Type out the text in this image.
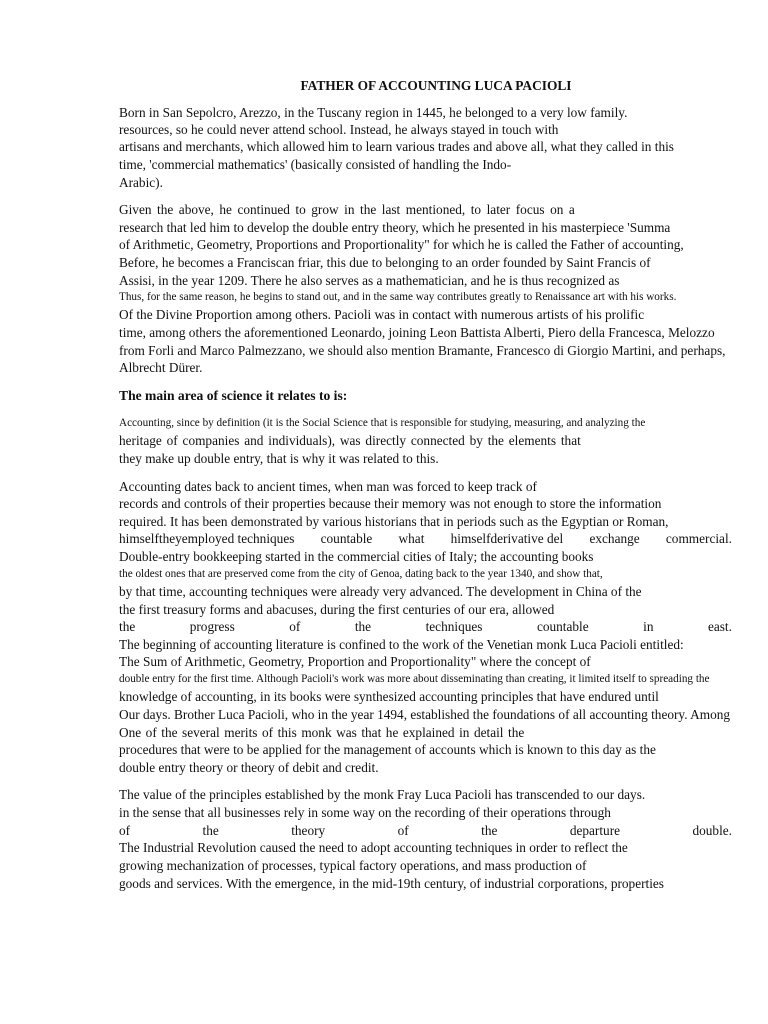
FATHER OF ACCOUNTING LUCA PACIOLI
Born in San Sepolcro, Arezzo, in the Tuscany region in 1445, he belonged to a very low family.
resources, so he could never attend school. Instead, he always stayed in touch with
artisans and merchants, which allowed him to learn various trades and above all, what they called in this
time, 'commercial mathematics' (basically consisted of handling the Indo-
Arabic).
Given the above, he continued to grow in the last mentioned, to later focus on a
research that led him to develop the double entry theory, which he presented in his masterpiece 'Summa
of Arithmetic, Geometry, Proportions and Proportionality" for which he is called the Father of accounting,
Before, he becomes a Franciscan friar, this due to belonging to an order founded by Saint Francis of
Assisi, in the year 1209. There he also serves as a mathematician, and he is thus recognized as
Thus, for the same reason, he begins to stand out, and in the same way contributes greatly to Renaissance art with his works.
Of the Divine Proportion among others. Pacioli was in contact with numerous artists of his prolific
time, among others the aforementioned Leonardo, joining Leon Battista Alberti, Piero della Francesca, Melozzo
from Forli and Marco Palmezzano, we should also mention Bramante, Francesco di Giorgio Martini, and perhaps,
Albrecht Dürer.
The main area of science it relates to is:
Accounting, since by definition (it is the Social Science that is responsible for studying, measuring, and analyzing the
heritage of companies and individuals), was directly connected by the elements that
they make up double entry, that is why it was related to this.
Accounting dates back to ancient times, when man was forced to keep track of
records and controls of their properties because their memory was not enough to store the information
required. It has been demonstrated by various historians that in periods such as the Egyptian or Roman,
himselftheyemployed techniques countable what himselfderivative del exchange commercial.
Double-entry bookkeeping started in the commercial cities of Italy; the accounting books
the oldest ones that are preserved come from the city of Genoa, dating back to the year 1340, and show that,
by that time, accounting techniques were already very advanced. The development in China of the
the first treasury forms and abacuses, during the first centuries of our era, allowed
the	progress	of	the	techniques	countable	in	east.
The beginning of accounting literature is confined to the work of the Venetian monk Luca Pacioli entitled:
The Sum of Arithmetic, Geometry, Proportion and Proportionality" where the concept of
double entry for the first time. Although Pacioli's work was more about disseminating than creating, it limited itself to spreading the
knowledge of accounting, in its books were synthesized accounting principles that have endured until
Our days. Brother Luca Pacioli, who in the year 1494, established the foundations of all accounting theory. Among
One of the several merits of this monk was that he explained in detail the
procedures that were to be applied for the management of accounts which is known to this day as the
double entry theory or theory of debit and credit.
The value of the principles established by the monk Fray Luca Pacioli has transcended to our days.
in the sense that all businesses rely in some way on the recording of their operations through
of	the	theory	of	the	departure	double.
The Industrial Revolution caused the need to adopt accounting techniques in order to reflect the
growing mechanization of processes, typical factory operations, and mass production of
goods and services. With the emergence, in the mid-19th century, of industrial corporations, properties
